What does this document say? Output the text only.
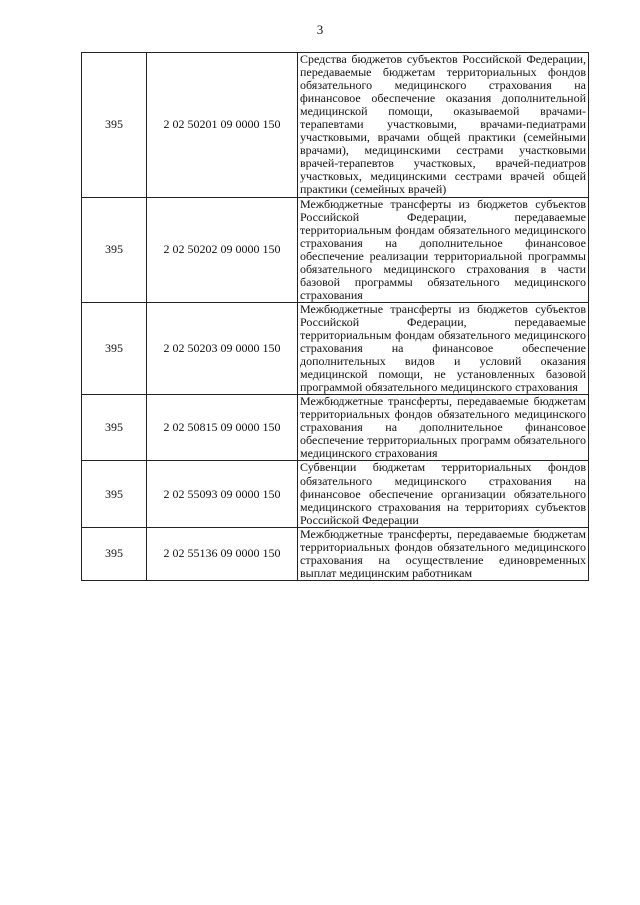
3
395	2 02 50201 09 0000 150	Средства бюджетов субъектов Российской Федерации, передаваемые бюджетам территориальных фондов обязательного медицинского страхования на финансовое обеспечение оказания дополнительной медицинской помощи, оказываемой врачами-терапевтами участковыми, врачами-педиатрами участковыми, врачами общей практики (семейными врачами), медицинскими сестрами участковыми врачей-терапевтов участковых, врачей-педиатров участковых, медицинскими сестрами врачей общей практики (семейных врачей)
395	2 02 50202 09 0000 150	Межбюджетные трансферты из бюджетов субъектов Российской Федерации, передаваемые территориальным фондам обязательного медицинского страхования на дополнительное финансовое обеспечение реализации территориальной программы обязательного медицинского страхования в части базовой программы обязательного медицинского страхования
395	2 02 50203 09 0000 150	Межбюджетные трансферты из бюджетов субъектов Российской Федерации, передаваемые территориальным фондам обязательного медицинского страхования на финансовое обеспечение дополнительных видов и условий оказания медицинской помощи, не установленных базовой программой обязательного медицинского страхования
395	2 02 50815 09 0000 150	Межбюджетные трансферты, передаваемые бюджетам территориальных фондов обязательного медицинского страхования на дополнительное финансовое обеспечение территориальных программ обязательного медицинского страхования
395	2 02 55093 09 0000 150	Субвенции бюджетам территориальных фондов обязательного медицинского страхования на финансовое обеспечение организации обязательного медицинского страхования на территориях субъектов Российской Федерации
395	2 02 55136 09 0000 150	Межбюджетные трансферты, передаваемые бюджетам территориальных фондов обязательного медицинского страхования на осуществление единовременных выплат медицинским работникам
